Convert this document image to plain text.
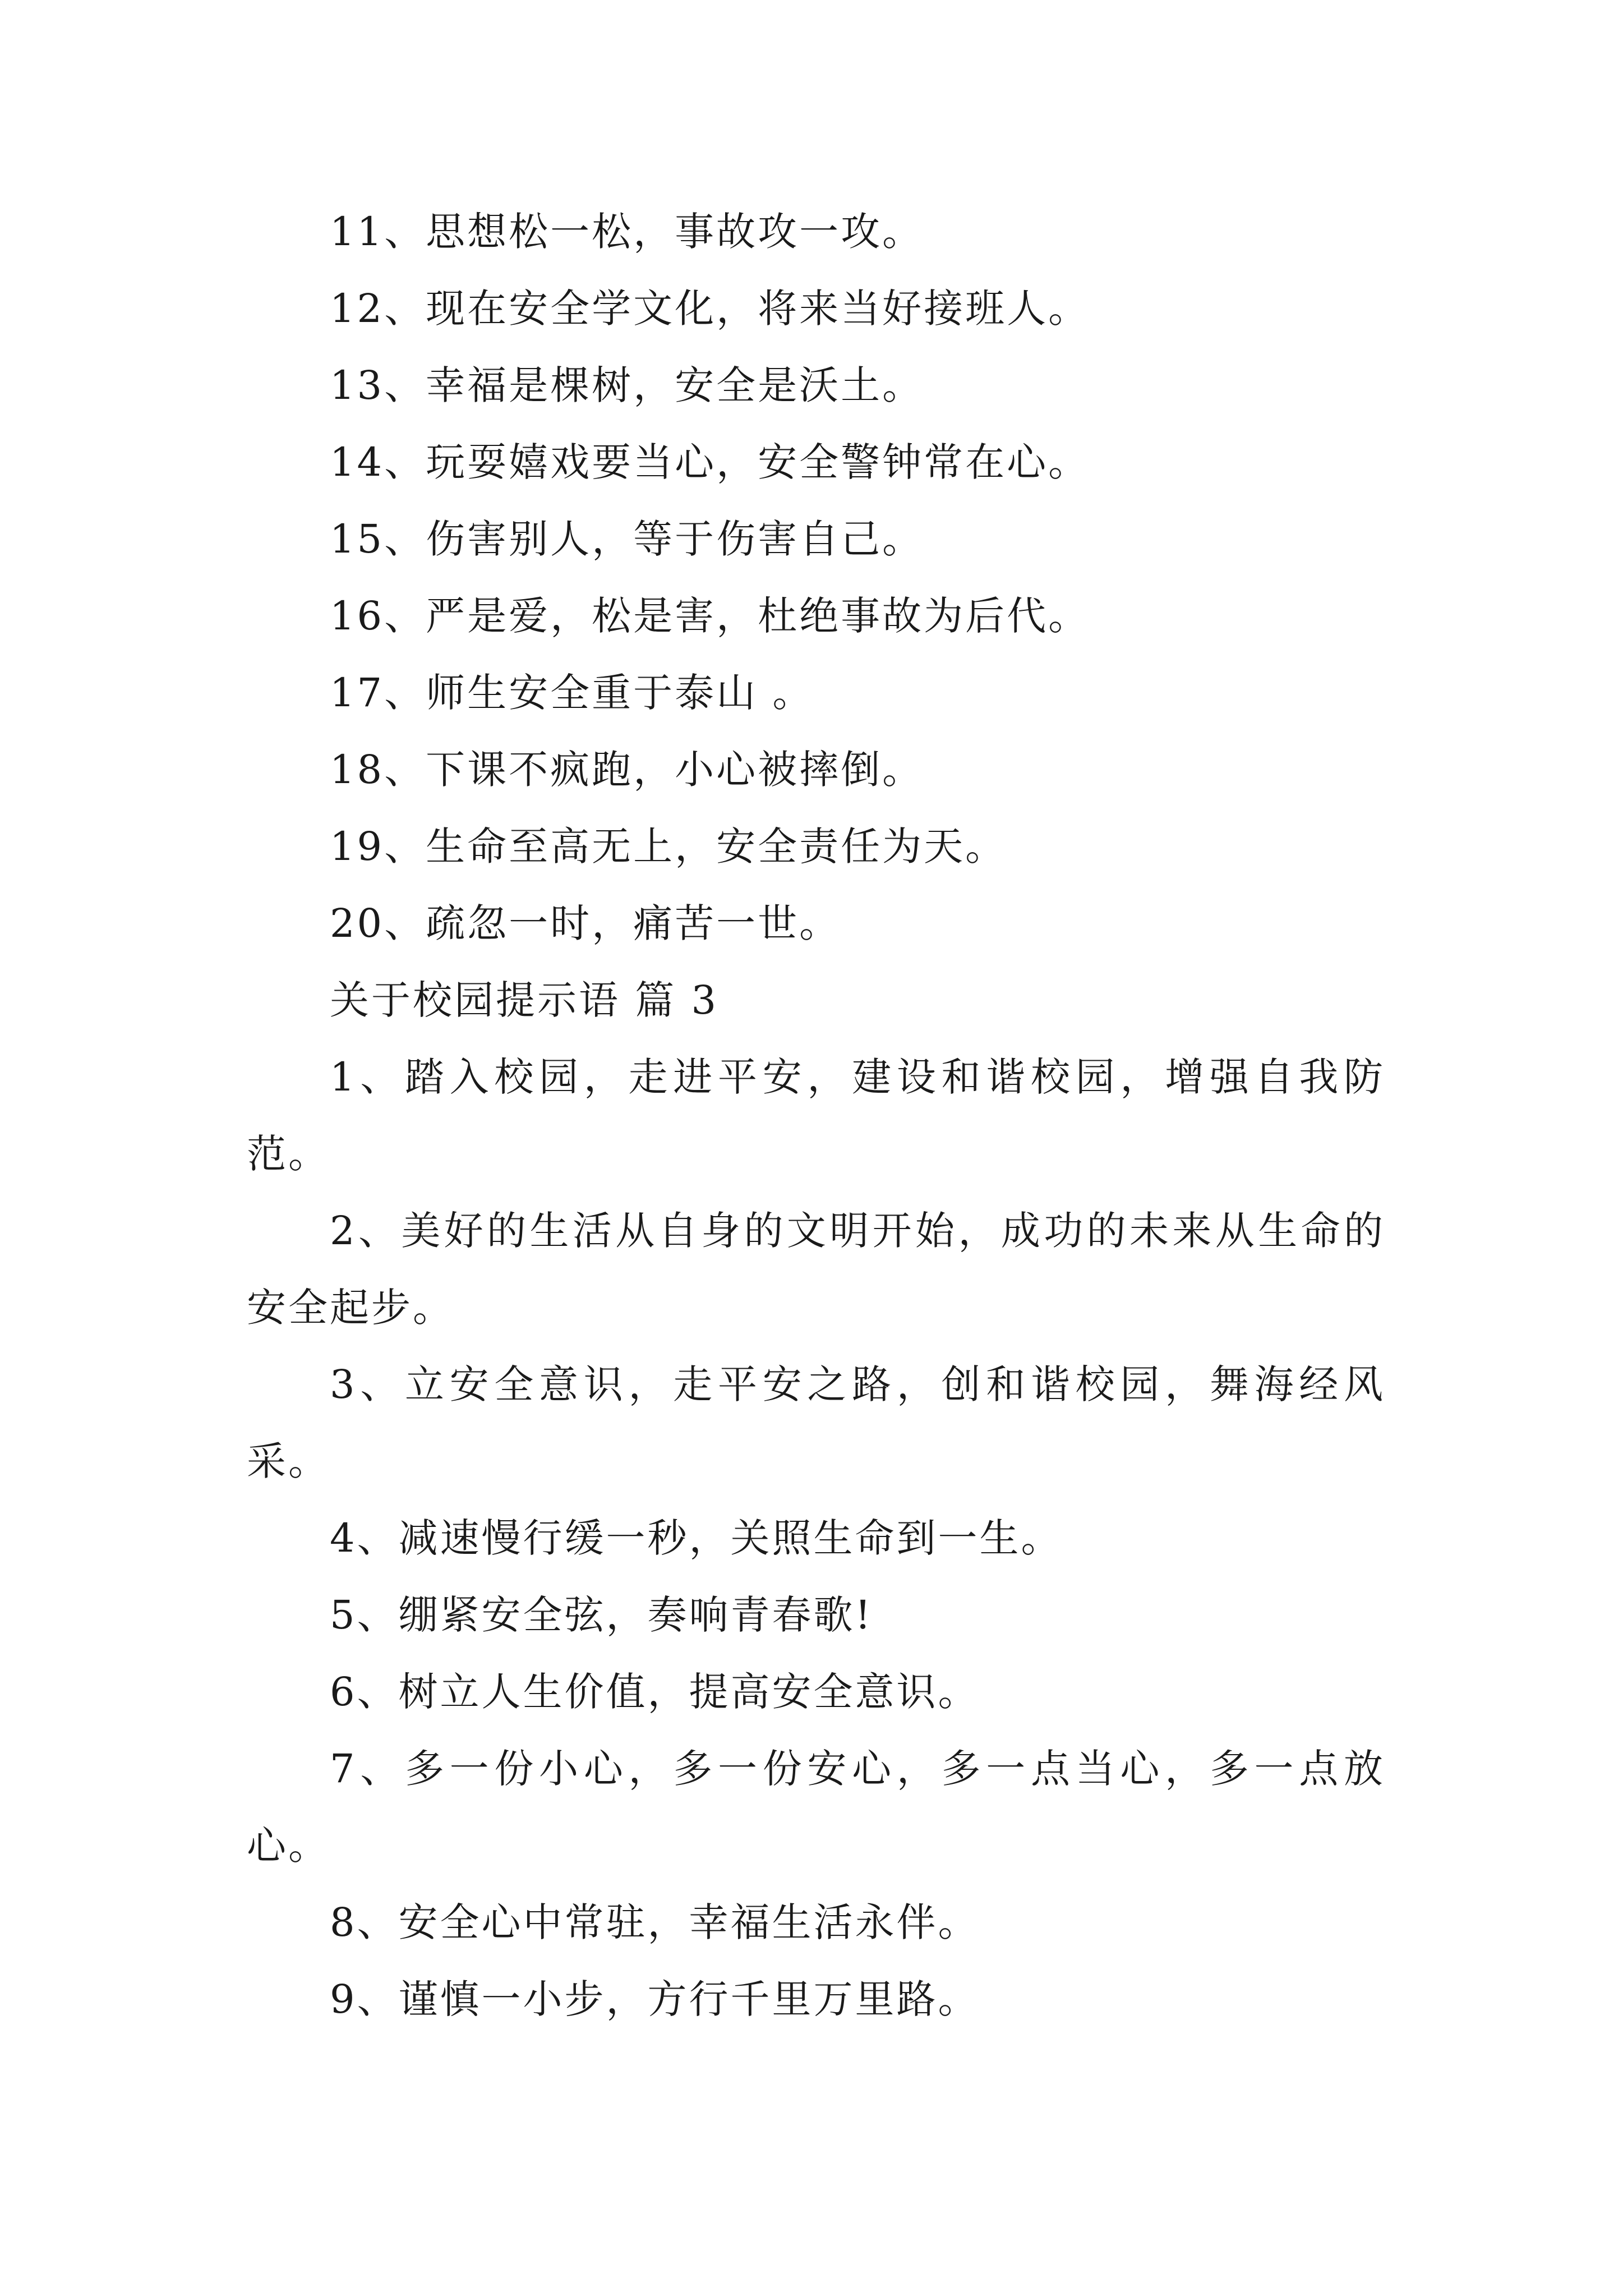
11、思想松一松，事故攻一攻。
12、现在安全学文化，将来当好接班人。
13、幸福是棵树，安全是沃土。
14、玩耍嬉戏要当心，安全警钟常在心。
15、伤害别人，等于伤害自己。
16、严是爱，松是害，杜绝事故为后代。
17、师生安全重于泰山 。
18、下课不疯跑，小心被摔倒。
19、生命至高无上，安全责任为天。
20、疏忽一时，痛苦一世。
关于校园提示语 篇 3
1、踏入校园，走进平安，建设和谐校园，增强自我防范。
2、美好的生活从自身的文明开始，成功的未来从生命的安全起步。
3、立安全意识，走平安之路，创和谐校园，舞海经风采。
4、减速慢行缓一秒，关照生命到一生。
5、绷紧安全弦，奏响青春歌!
6、树立人生价值，提高安全意识。
7、多一份小心，多一份安心，多一点当心，多一点放心。
8、安全心中常驻，幸福生活永伴。
9、谨慎一小步，方行千里万里路。
